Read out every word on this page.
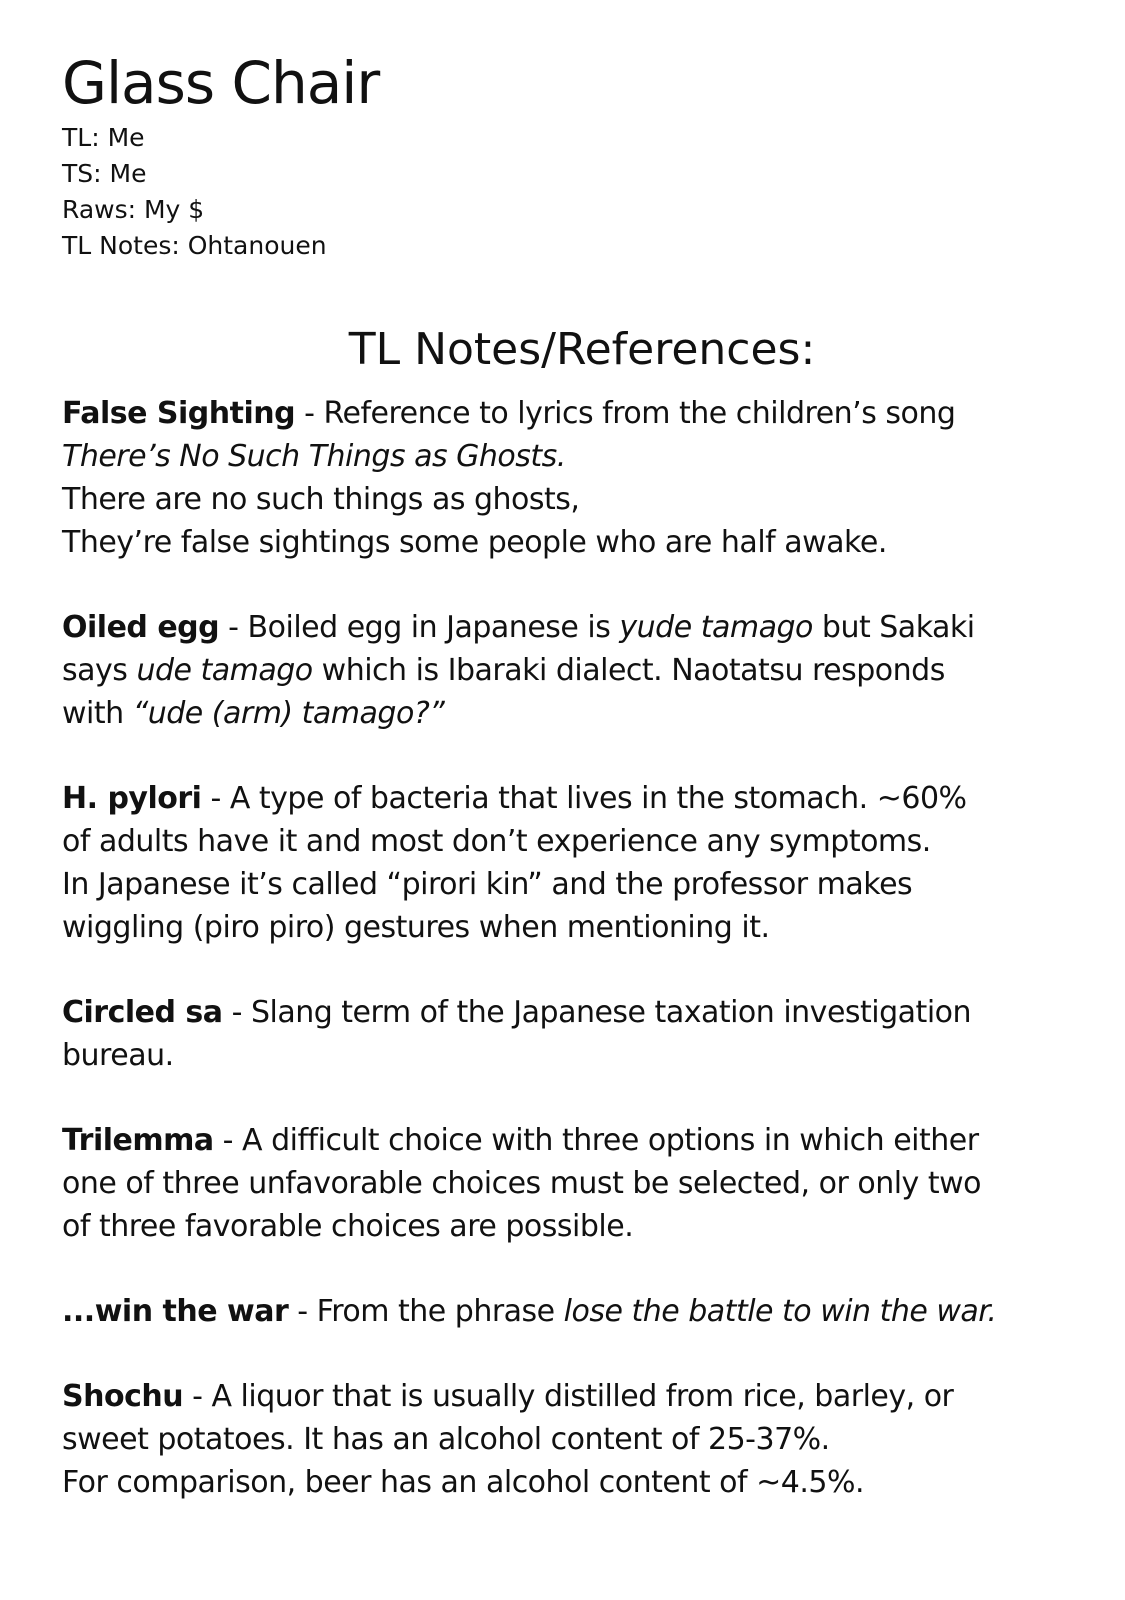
Glass Chair
TL: Me
TS: Me
Raws: My $
TL Notes: Ohtanouen
TL Notes/References:

False Sighting - Reference to lyrics from the children’s song
There’s No Such Things as Ghosts.
There are no such things as ghosts,
They’re false sightings some people who are half awake.

Oiled egg - Boiled egg in Japanese is yude tamago but Sakaki
says ude tamago which is Ibaraki dialect. Naotatsu responds
with “ude (arm) tamago?”

H. pylori - A type of bacteria that lives in the stomach. ~60%
of adults have it and most don’t experience any symptoms.
In Japanese it’s called “pirori kin” and the professor makes
wiggling (piro piro) gestures when mentioning it.

Circled sa - Slang term of the Japanese taxation investigation
bureau.

Trilemma - A difficult choice with three options in which either
one of three unfavorable choices must be selected, or only two
of three favorable choices are possible.

...win the war - From the phrase lose the battle to win the war.

Shochu - A liquor that is usually distilled from rice, barley, or
sweet potatoes. It has an alcohol content of 25-37%.
For comparison, beer has an alcohol content of ~4.5%.
